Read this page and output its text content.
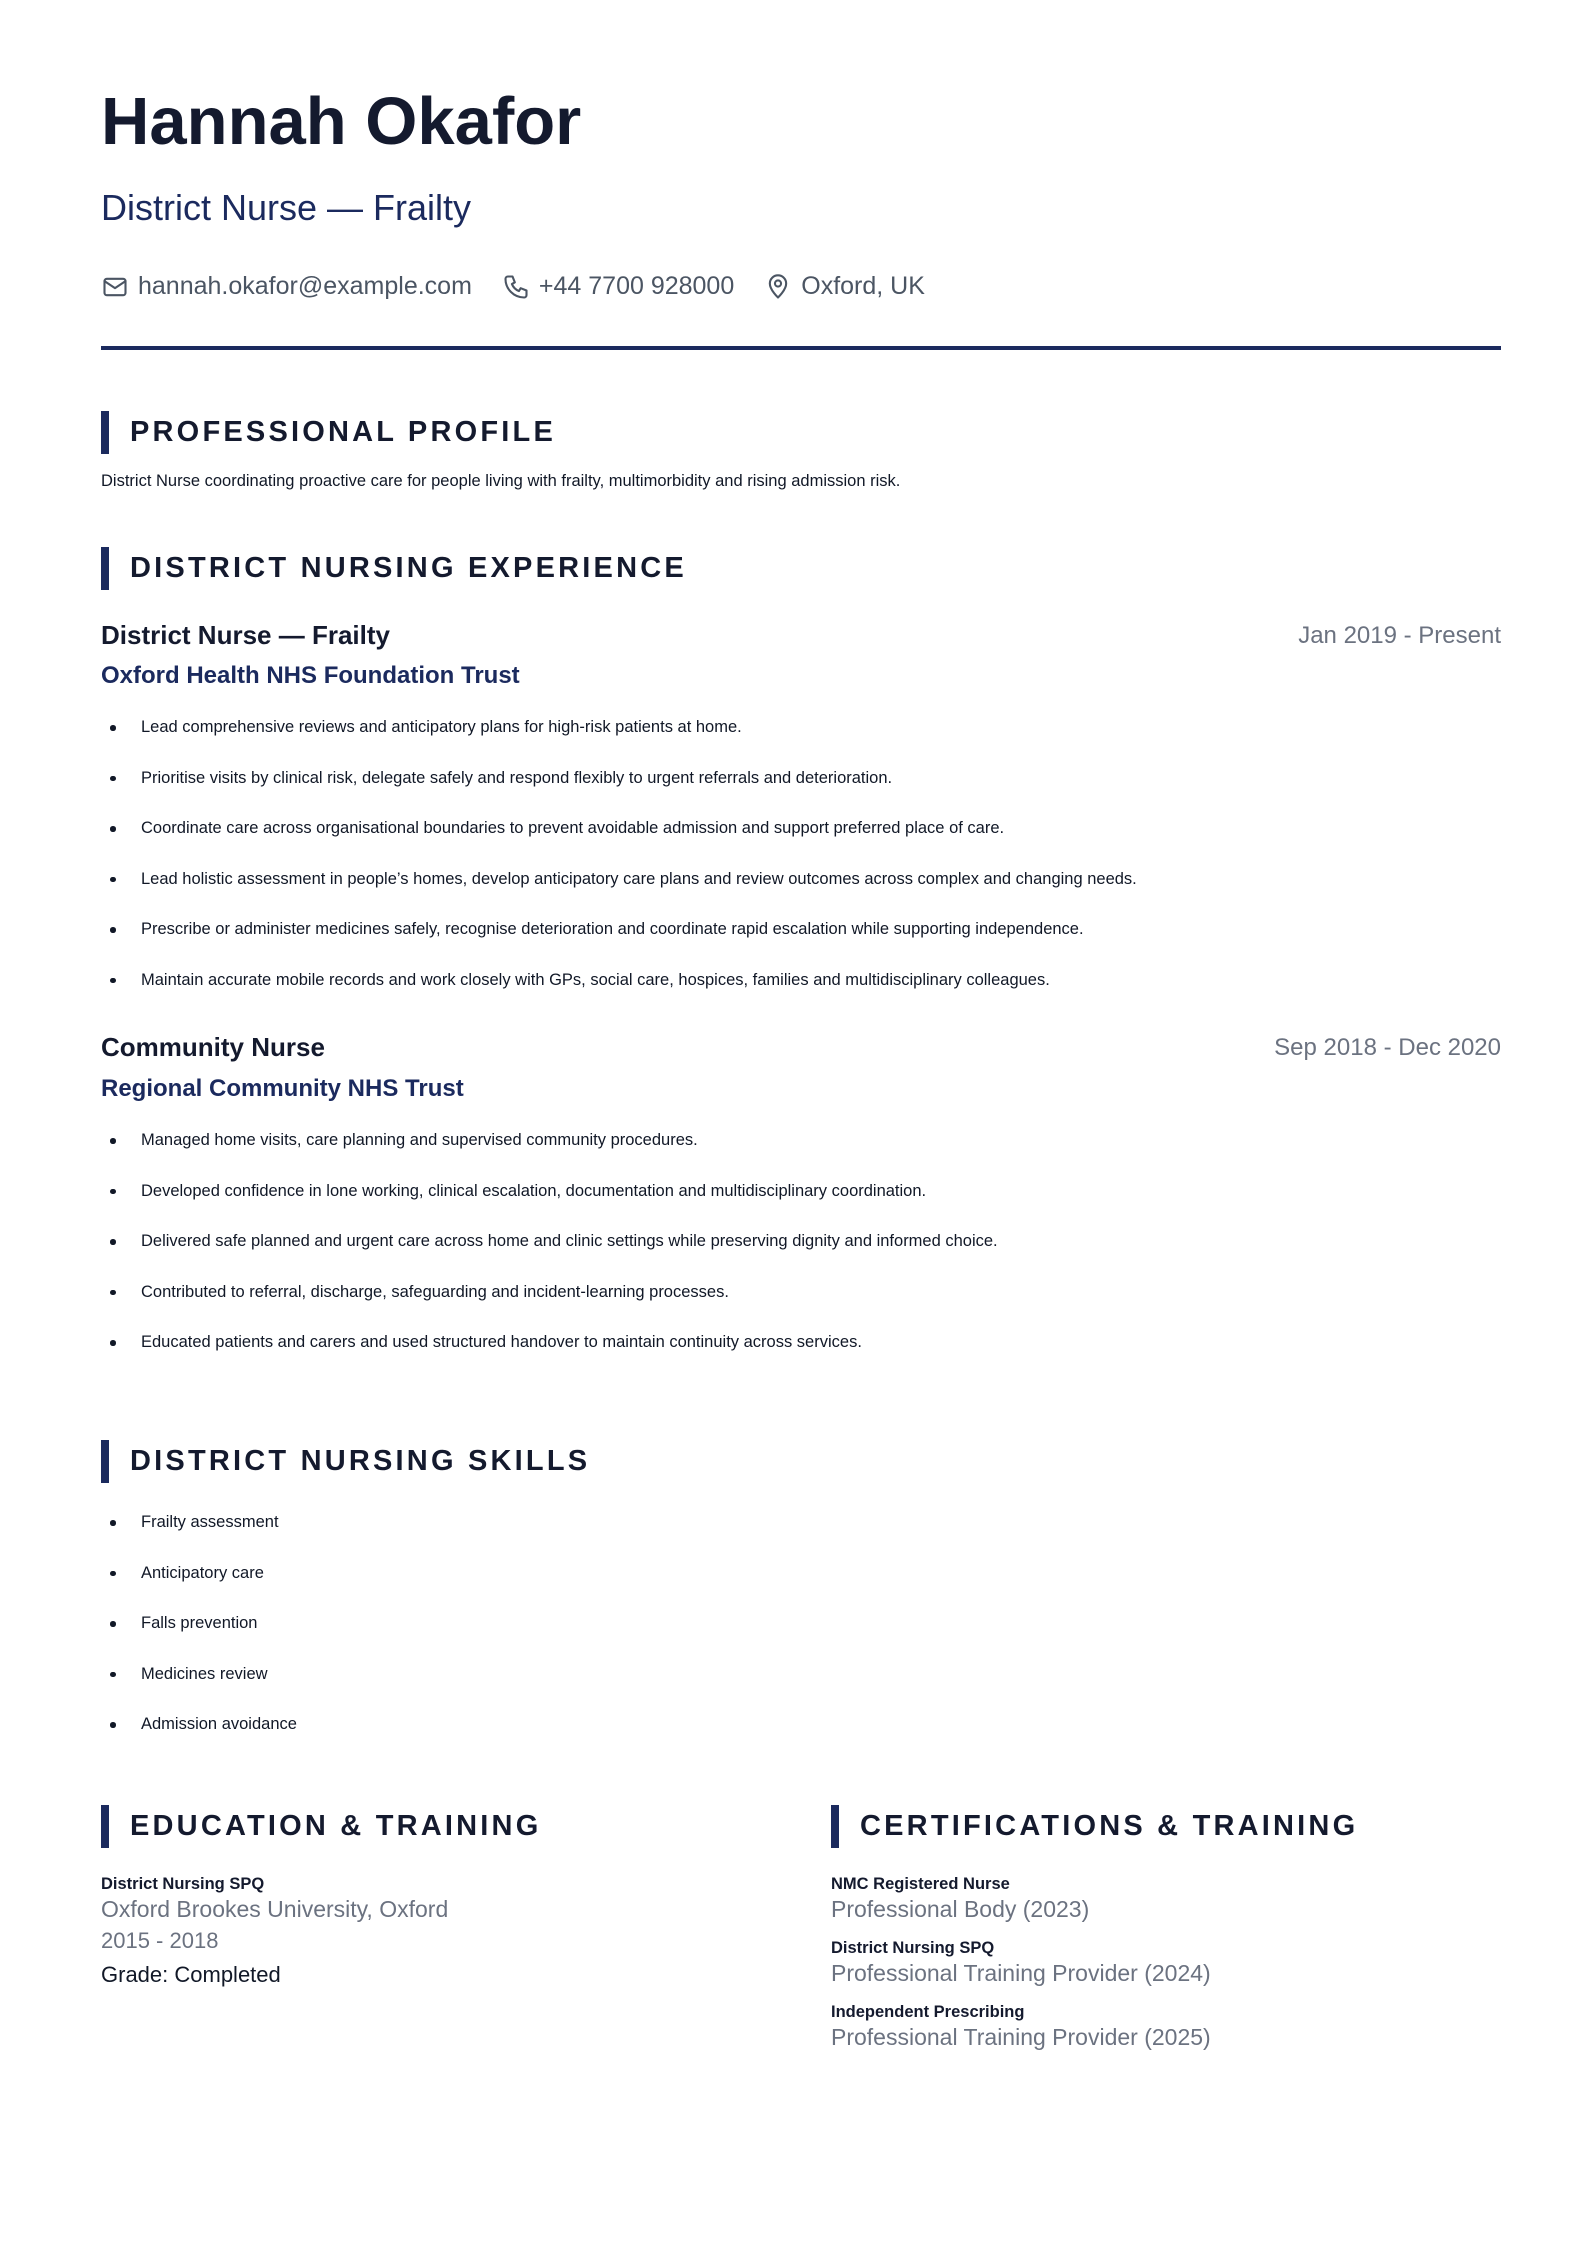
Hannah Okafor
District Nurse — Frailty
hannah.okafor@example.com	+44 7700 928000	Oxford, UK
PROFESSIONAL PROFILE
District Nurse coordinating proactive care for people living with frailty, multimorbidity and rising admission risk.
DISTRICT NURSING EXPERIENCE
District Nurse — Frailty	Jan 2019 - Present
Oxford Health NHS Foundation Trust
Lead comprehensive reviews and anticipatory plans for high-risk patients at home.
Prioritise visits by clinical risk, delegate safely and respond flexibly to urgent referrals and deterioration.
Coordinate care across organisational boundaries to prevent avoidable admission and support preferred place of care.
Lead holistic assessment in people’s homes, develop anticipatory care plans and review outcomes across complex and changing needs.
Prescribe or administer medicines safely, recognise deterioration and coordinate rapid escalation while supporting independence.
Maintain accurate mobile records and work closely with GPs, social care, hospices, families and multidisciplinary colleagues.
Community Nurse	Sep 2018 - Dec 2020
Regional Community NHS Trust
Managed home visits, care planning and supervised community procedures.
Developed confidence in lone working, clinical escalation, documentation and multidisciplinary coordination.
Delivered safe planned and urgent care across home and clinic settings while preserving dignity and informed choice.
Contributed to referral, discharge, safeguarding and incident-learning processes.
Educated patients and carers and used structured handover to maintain continuity across services.
DISTRICT NURSING SKILLS
Frailty assessment
Anticipatory care
Falls prevention
Medicines review
Admission avoidance
EDUCATION & TRAINING
District Nursing SPQ
Oxford Brookes University, Oxford
2015 - 2018
Grade: Completed
CERTIFICATIONS & TRAINING
NMC Registered Nurse
Professional Body (2023)
District Nursing SPQ
Professional Training Provider (2024)
Independent Prescribing
Professional Training Provider (2025)
